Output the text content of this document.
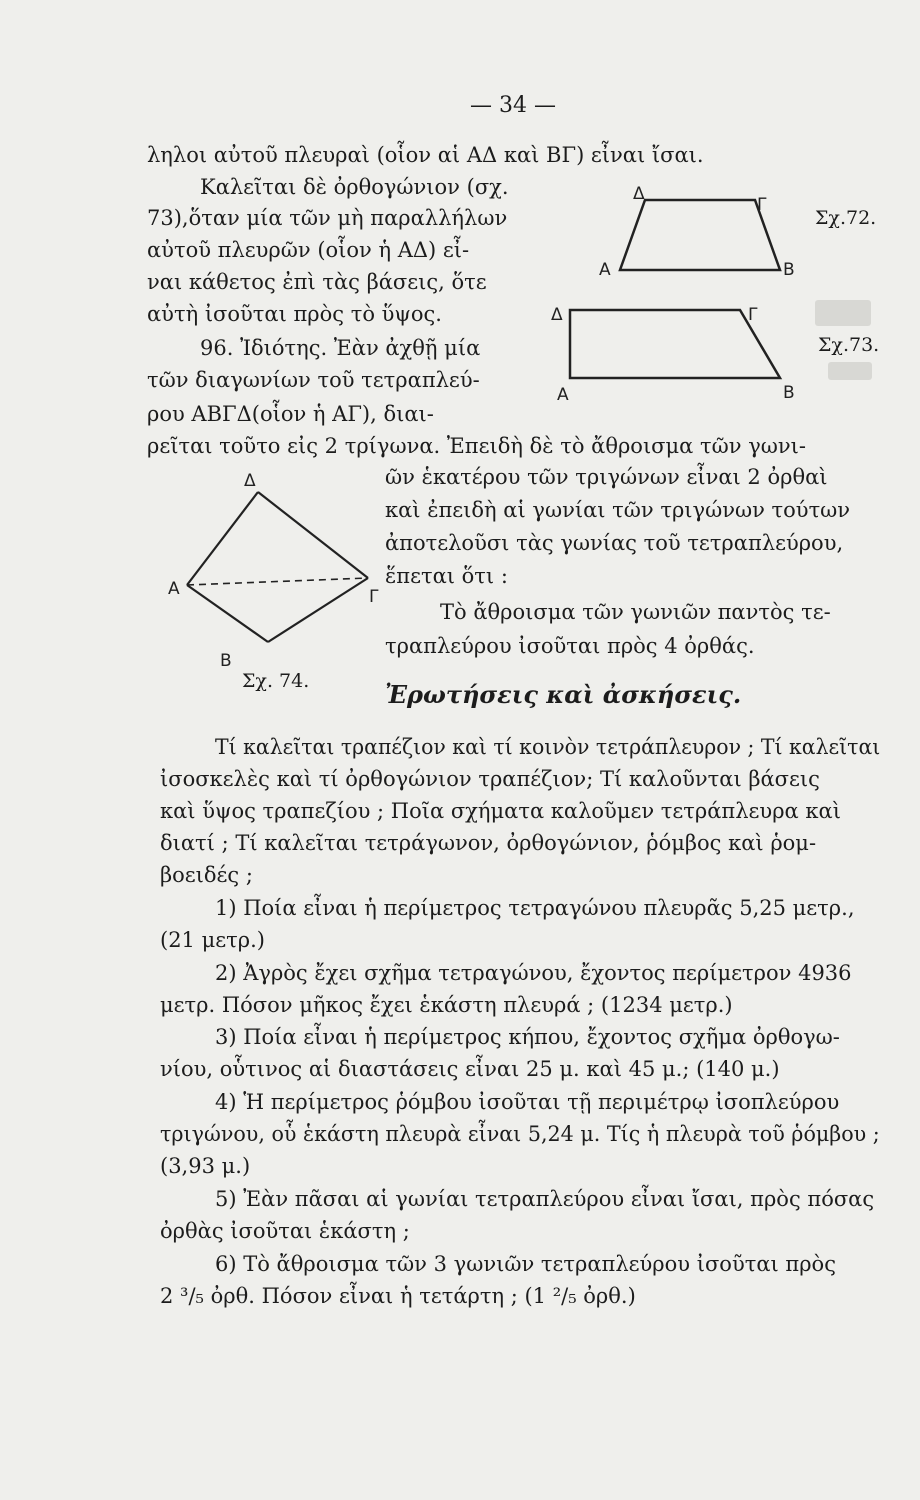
— 34 —
ληλοι αὐτοῦ πλευραὶ (οἷον αἱ ΑΔ καὶ ΒΓ) εἶναι ἴσαι.
Καλεῖται δὲ ὀρθογώνιον (σχ.
73),ὅταν μία τῶν μὴ παραλλήλων
αὐτοῦ πλευρῶν (οἷον ἡ ΑΔ) εἶ-
ναι κάθετος ἐπὶ τὰς βάσεις, ὅτε
αὐτὴ ἰσοῦται πρὸς τὸ ὕψος.
96. Ἰδιότης. Ἐὰν ἀχθῇ μία
τῶν διαγωνίων τοῦ τετραπλεύ-
ρου ΑΒΓΔ(οἷον ἡ ΑΓ), διαι-
ρεῖται τοῦτο εἰς 2 τρίγωνα. Ἐπειδὴ δὲ τὸ ἄθροισμα τῶν γωνι-
Δ
Γ
Α	Β
Σχ.72.
Δ	Γ
Α	Β
Σχ.73.
Δ
Α	Γ
Β
Σχ. 74.
ῶν ἑκατέρου τῶν τριγώνων εἶναι 2 ὀρθαὶ
καὶ ἐπειδὴ αἱ γωνίαι τῶν τριγώνων τούτων
ἀποτελοῦσι τὰς γωνίας τοῦ τετραπλεύρου,
ἕπεται ὅτι :
Τὸ ἄθροισμα τῶν γωνιῶν παντὸς τε-
τραπλεύρου ἰσοῦται πρὸς 4 ὀρθάς.
Ἐρωτήσεις καὶ ἀσκήσεις.
Τί καλεῖται τραπέζιον καὶ τί κοινὸν τετράπλευρον ; Τί καλεῖται
ἰσοσκελὲς καὶ τί ὀρθογώνιον τραπέζιον; Τί καλοῦνται βάσεις
καὶ ὕψος τραπεζίου ; Ποῖα σχήματα καλοῦμεν τετράπλευρα καὶ
διατί ; Τί καλεῖται τετράγωνον, ὀρθογώνιον, ῥόμβος καὶ ῥομ-
βοειδές ;
1) Ποία εἶναι ἡ περίμετρος τετραγώνου πλευρᾶς 5,25 μετρ.,
(21 μετρ.)
2) Ἀγρὸς ἔχει σχῆμα τετραγώνου, ἔχοντος περίμετρον 4936
μετρ. Πόσον μῆκος ἔχει ἑκάστη πλευρά ; (1234 μετρ.)
3) Ποία εἶναι ἡ περίμετρος κήπου, ἔχοντος σχῆμα ὀρθογω-
νίου, οὗτινος αἱ διαστάσεις εἶναι 25 μ. καὶ 45 μ.; (140 μ.)
4) Ἡ περίμετρος ῥόμβου ἰσοῦται τῇ περιμέτρῳ ἰσοπλεύρου
τριγώνου, οὗ ἑκάστη πλευρὰ εἶναι 5,24 μ. Τίς ἡ πλευρὰ τοῦ ῥόμβου ;
(3,93 μ.)
5) Ἐὰν πᾶσαι αἱ γωνίαι τετραπλεύρου εἶναι ἴσαι, πρὸς πόσας
ὀρθὰς ἰσοῦται ἑκάστη ;
6) Τὸ ἄθροισμα τῶν 3 γωνιῶν τετραπλεύρου ἰσοῦται πρὸς
2 ³/₅ ὀρθ. Πόσον εἶναι ἡ τετάρτη ; (1 ²/₅ ὀρθ.)
